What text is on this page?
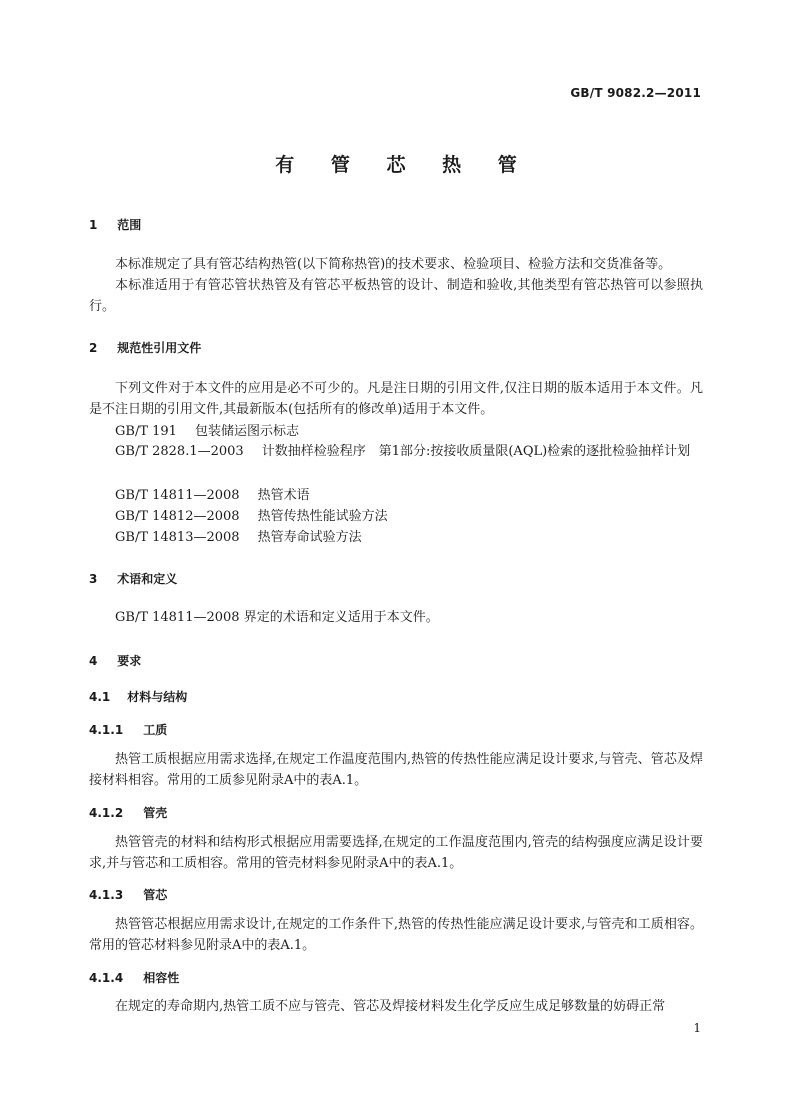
GB/T 9082.2—2011
有 管 芯 热 管
1 范围
本标准规定了具有管芯结构热管(以下简称热管)的技术要求、检验项目、检验方法和交货准备等。
本标准适用于有管芯管状热管及有管芯平板热管的设计、制造和验收,其他类型有管芯热管可以参照执行。
2 规范性引用文件
下列文件对于本文件的应用是必不可少的。凡是注日期的引用文件,仅注日期的版本适用于本文件。凡是不注日期的引用文件,其最新版本(包括所有的修改单)适用于本文件。
GB/T 191 包装储运图示标志
GB/T 2828.1—2003 计数抽样检验程序　第1部分:按接收质量限(AQL)检索的逐批检验抽样计划
GB/T 14811—2008 热管术语
GB/T 14812—2008 热管传热性能试验方法
GB/T 14813—2008 热管寿命试验方法
3 术语和定义
GB/T 14811—2008 界定的术语和定义适用于本文件。
4 要求
4.1 材料与结构
4.1.1 工质
热管工质根据应用需求选择,在规定工作温度范围内,热管的传热性能应满足设计要求,与管壳、管芯及焊接材料相容。常用的工质参见附录A中的表A.1。
4.1.2 管壳
热管管壳的材料和结构形式根据应用需要选择,在规定的工作温度范围内,管壳的结构强度应满足设计要求,并与管芯和工质相容。常用的管壳材料参见附录A中的表A.1。
4.1.3 管芯
热管管芯根据应用需求设计,在规定的工作条件下,热管的传热性能应满足设计要求,与管壳和工质相容。常用的管芯材料参见附录A中的表A.1。
4.1.4 相容性
在规定的寿命期内,热管工质不应与管壳、管芯及焊接材料发生化学反应生成足够数量的妨碍正常
1
